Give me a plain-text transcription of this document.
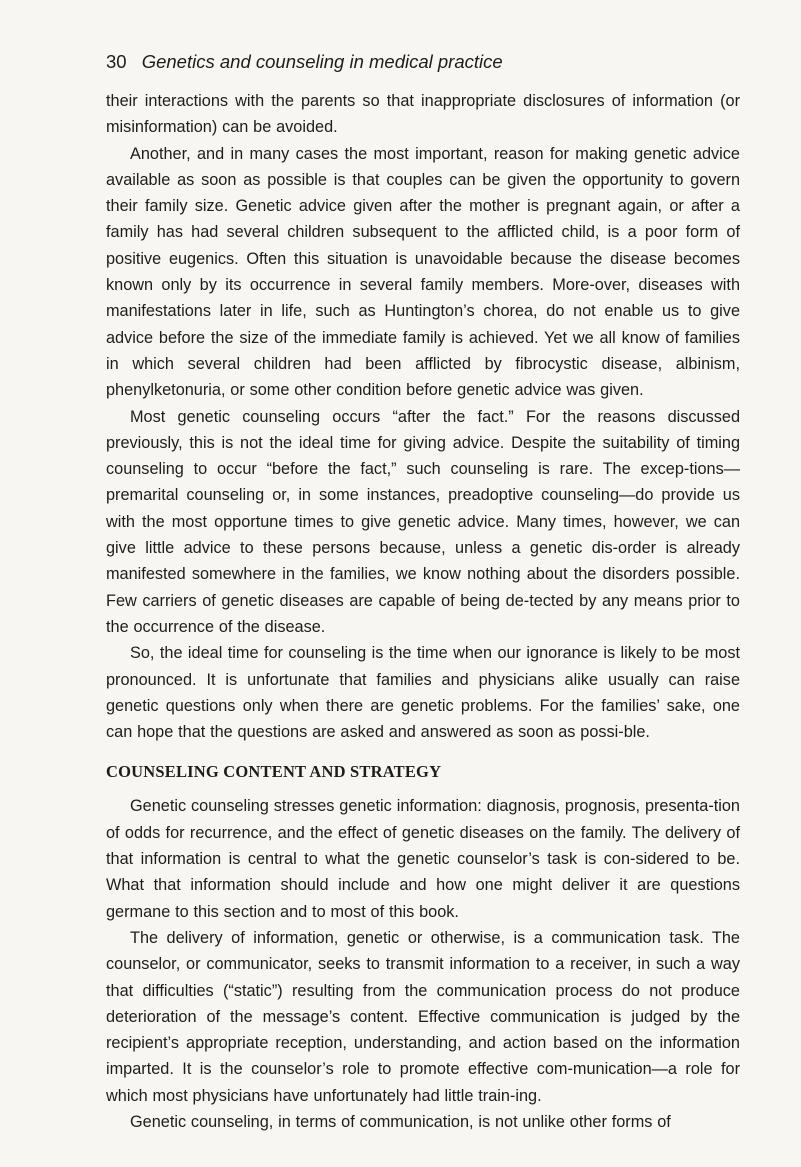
30 Genetics and counseling in medical practice

their interactions with the parents so that inappropriate disclosures of information (or misinformation) can be avoided.

Another, and in many cases the most important, reason for making genetic advice available as soon as possible is that couples can be given the opportunity to govern their family size. Genetic advice given after the mother is pregnant again, or after a family has had several children subsequent to the afflicted child, is a poor form of positive eugenics. Often this situation is unavoidable because the disease becomes known only by its occurrence in several family members. More-over, diseases with manifestations later in life, such as Huntington’s chorea, do not enable us to give advice before the size of the immediate family is achieved. Yet we all know of families in which several children had been afflicted by fibrocystic disease, albinism, phenylketonuria, or some other condition before genetic advice was given.

Most genetic counseling occurs “after the fact.” For the reasons discussed previously, this is not the ideal time for giving advice. Despite the suitability of timing counseling to occur “before the fact,” such counseling is rare. The excep-tions—premarital counseling or, in some instances, preadoptive counseling—do provide us with the most opportune times to give genetic advice. Many times, however, we can give little advice to these persons because, unless a genetic dis-order is already manifested somewhere in the families, we know nothing about the disorders possible. Few carriers of genetic diseases are capable of being de-tected by any means prior to the occurrence of the disease.

So, the ideal time for counseling is the time when our ignorance is likely to be most pronounced. It is unfortunate that families and physicians alike usually can raise genetic questions only when there are genetic problems. For the families’ sake, one can hope that the questions are asked and answered as soon as possi-ble.

COUNSELING CONTENT AND STRATEGY

Genetic counseling stresses genetic information: diagnosis, prognosis, presenta-tion of odds for recurrence, and the effect of genetic diseases on the family. The delivery of that information is central to what the genetic counselor’s task is con-sidered to be. What that information should include and how one might deliver it are questions germane to this section and to most of this book.

The delivery of information, genetic or otherwise, is a communication task. The counselor, or communicator, seeks to transmit information to a receiver, in such a way that difficulties (“static”) resulting from the communication process do not produce deterioration of the message’s content. Effective communication is judged by the recipient’s appropriate reception, understanding, and action based on the information imparted. It is the counselor’s role to promote effective com-munication—a role for which most physicians have unfortunately had little train-ing.

Genetic counseling, in terms of communication, is not unlike other forms of
